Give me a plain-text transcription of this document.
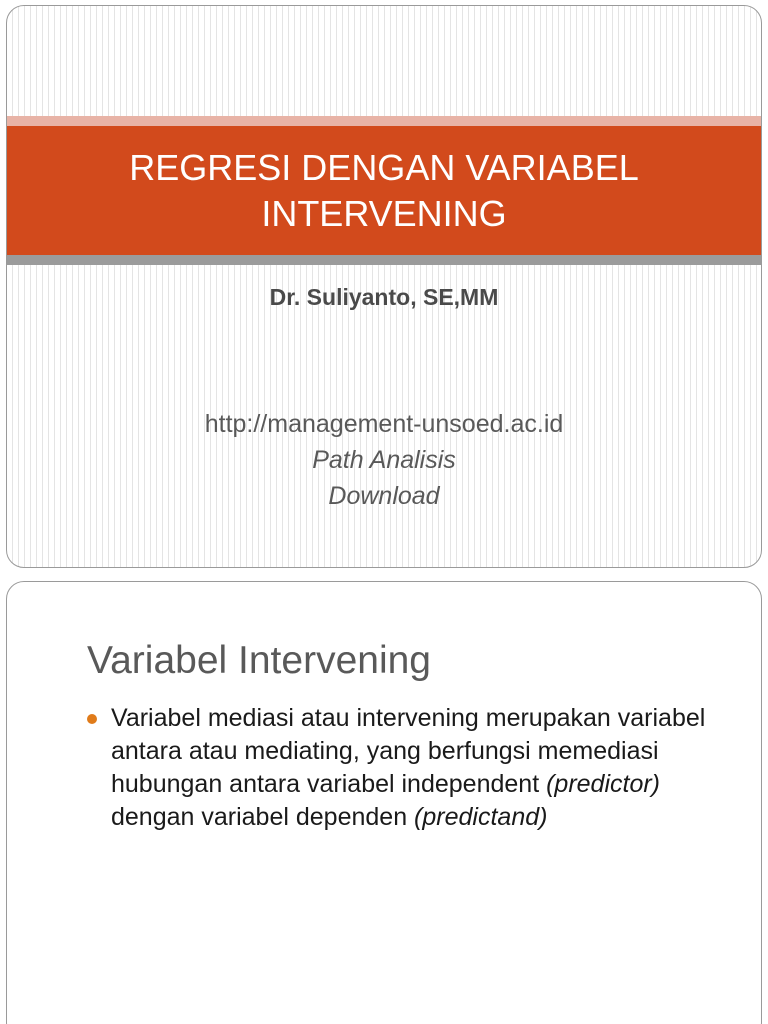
REGRESI DENGAN VARIABEL
INTERVENING
Dr. Suliyanto, SE,MM
http://management-unsoed.ac.id
Path Analisis
Download
Variabel Intervening
Variabel mediasi atau intervening merupakan variabel antara atau mediating, yang berfungsi memediasi hubungan antara variabel independent (predictor) dengan variabel dependen (predictand)
